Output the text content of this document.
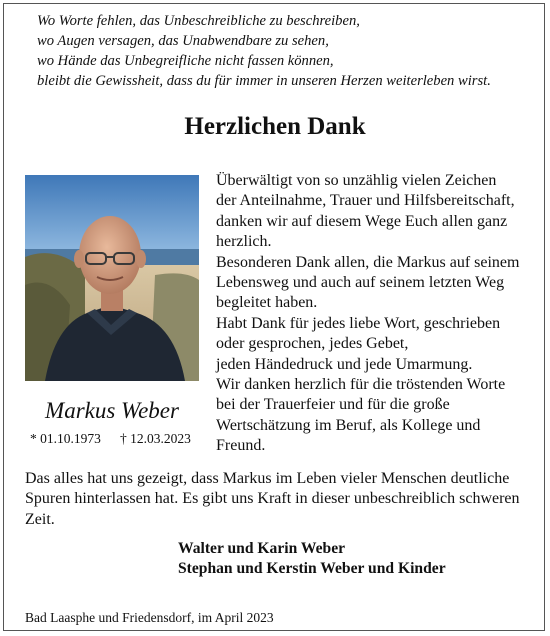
Wo Worte fehlen, das Unbeschreibliche zu beschreiben,
wo Augen versagen, das Unabwendbare zu sehen,
wo Hände das Unbegreifliche nicht fassen können,
bleibt die Gewissheit, dass du für immer in unseren Herzen weiterleben wirst.
Herzlichen Dank
Markus Weber
* 01.10.1973 † 12.03.2023
Überwältigt von so unzählig vielen Zeichen
der Anteilnahme, Trauer und Hilfsbereitschaft,
danken wir auf diesem Wege Euch allen ganz
herzlich.
Besonderen Dank allen, die Markus auf seinem
Lebensweg und auch auf seinem letzten Weg
begleitet haben.
Habt Dank für jedes liebe Wort, geschrieben
oder gesprochen, jedes Gebet,
jeden Händedruck und jede Umarmung.
Wir danken herzlich für die tröstenden Worte
bei der Trauerfeier und für die große
Wertschätzung im Beruf, als Kollege und
Freund.
Das alles hat uns gezeigt, dass Markus im Leben vieler Menschen deutliche
Spuren hinterlassen hat. Es gibt uns Kraft in dieser unbeschreiblich schweren
Zeit.
Walter und Karin Weber
Stephan und Kerstin Weber und Kinder
Bad Laasphe und Friedensdorf, im April 2023
